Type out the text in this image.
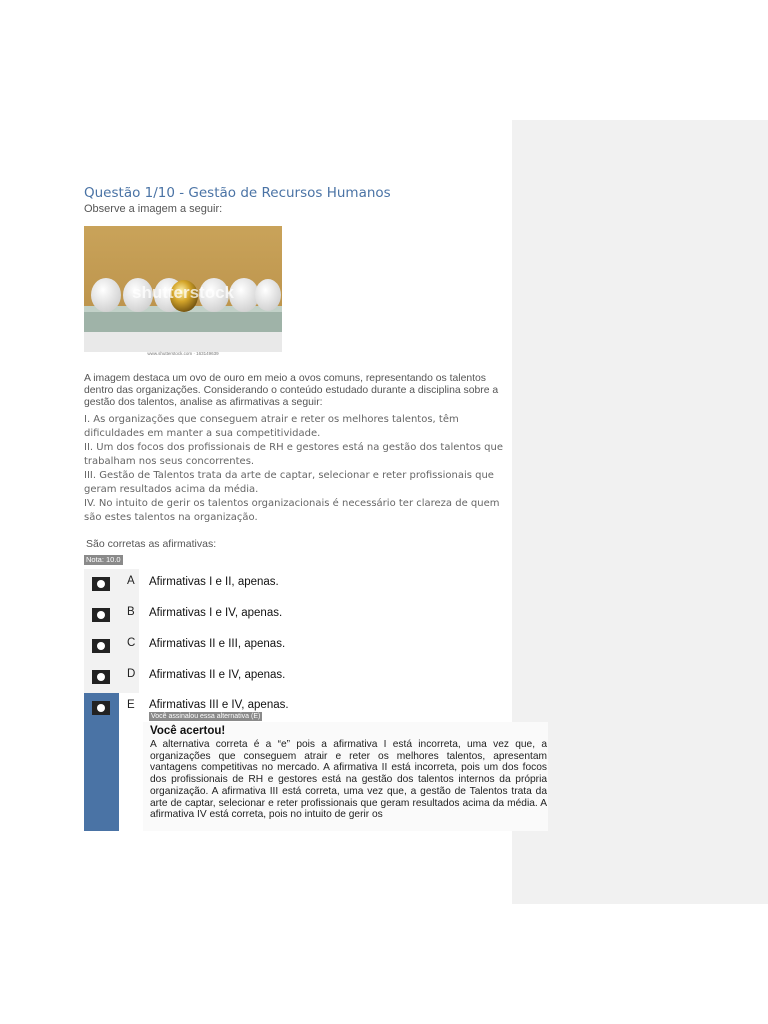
Questão 1/10 - Gestão de Recursos Humanos
Observe a imagem a seguir:
shutterstock
www.shutterstock.com · 163149639
A imagem destaca um ovo de ouro em meio a ovos comuns, representando os talentos dentro das organizações. Considerando o conteúdo estudado durante a disciplina sobre a gestão dos talentos, analise as afirmativas a seguir:
I. As organizações que conseguem atrair e reter os melhores talentos, têm dificuldades em manter a sua competitividade.
II. Um dos focos dos profissionais de RH e gestores está na gestão dos talentos que trabalham nos seus concorrentes.
III. Gestão de Talentos trata da arte de captar, selecionar e reter profissionais que geram resultados acima da média.
IV. No intuito de gerir os talentos organizacionais é necessário ter clareza de quem são estes talentos na organização.
São corretas as afirmativas:
Nota: 10.0
A Afirmativas I e II, apenas.
B Afirmativas I e IV, apenas.
C Afirmativas II e III, apenas.
D Afirmativas II e IV, apenas.
E Afirmativas III e IV, apenas.
Você assinalou essa alternativa (E)
Você acertou!
A alternativa correta é a “e” pois a afirmativa I está incorreta, uma vez que, a organizações que conseguem atrair e reter os melhores talentos, apresentam vantagens competitivas no mercado. A afirmativa II está incorreta, pois um dos focos dos profissionais de RH e gestores está na gestão dos talentos internos da própria organização. A afirmativa III está correta, uma vez que, a gestão de Talentos trata da arte de captar, selecionar e reter profissionais que geram resultados acima da média. A afirmativa IV está correta, pois no intuito de gerir os
